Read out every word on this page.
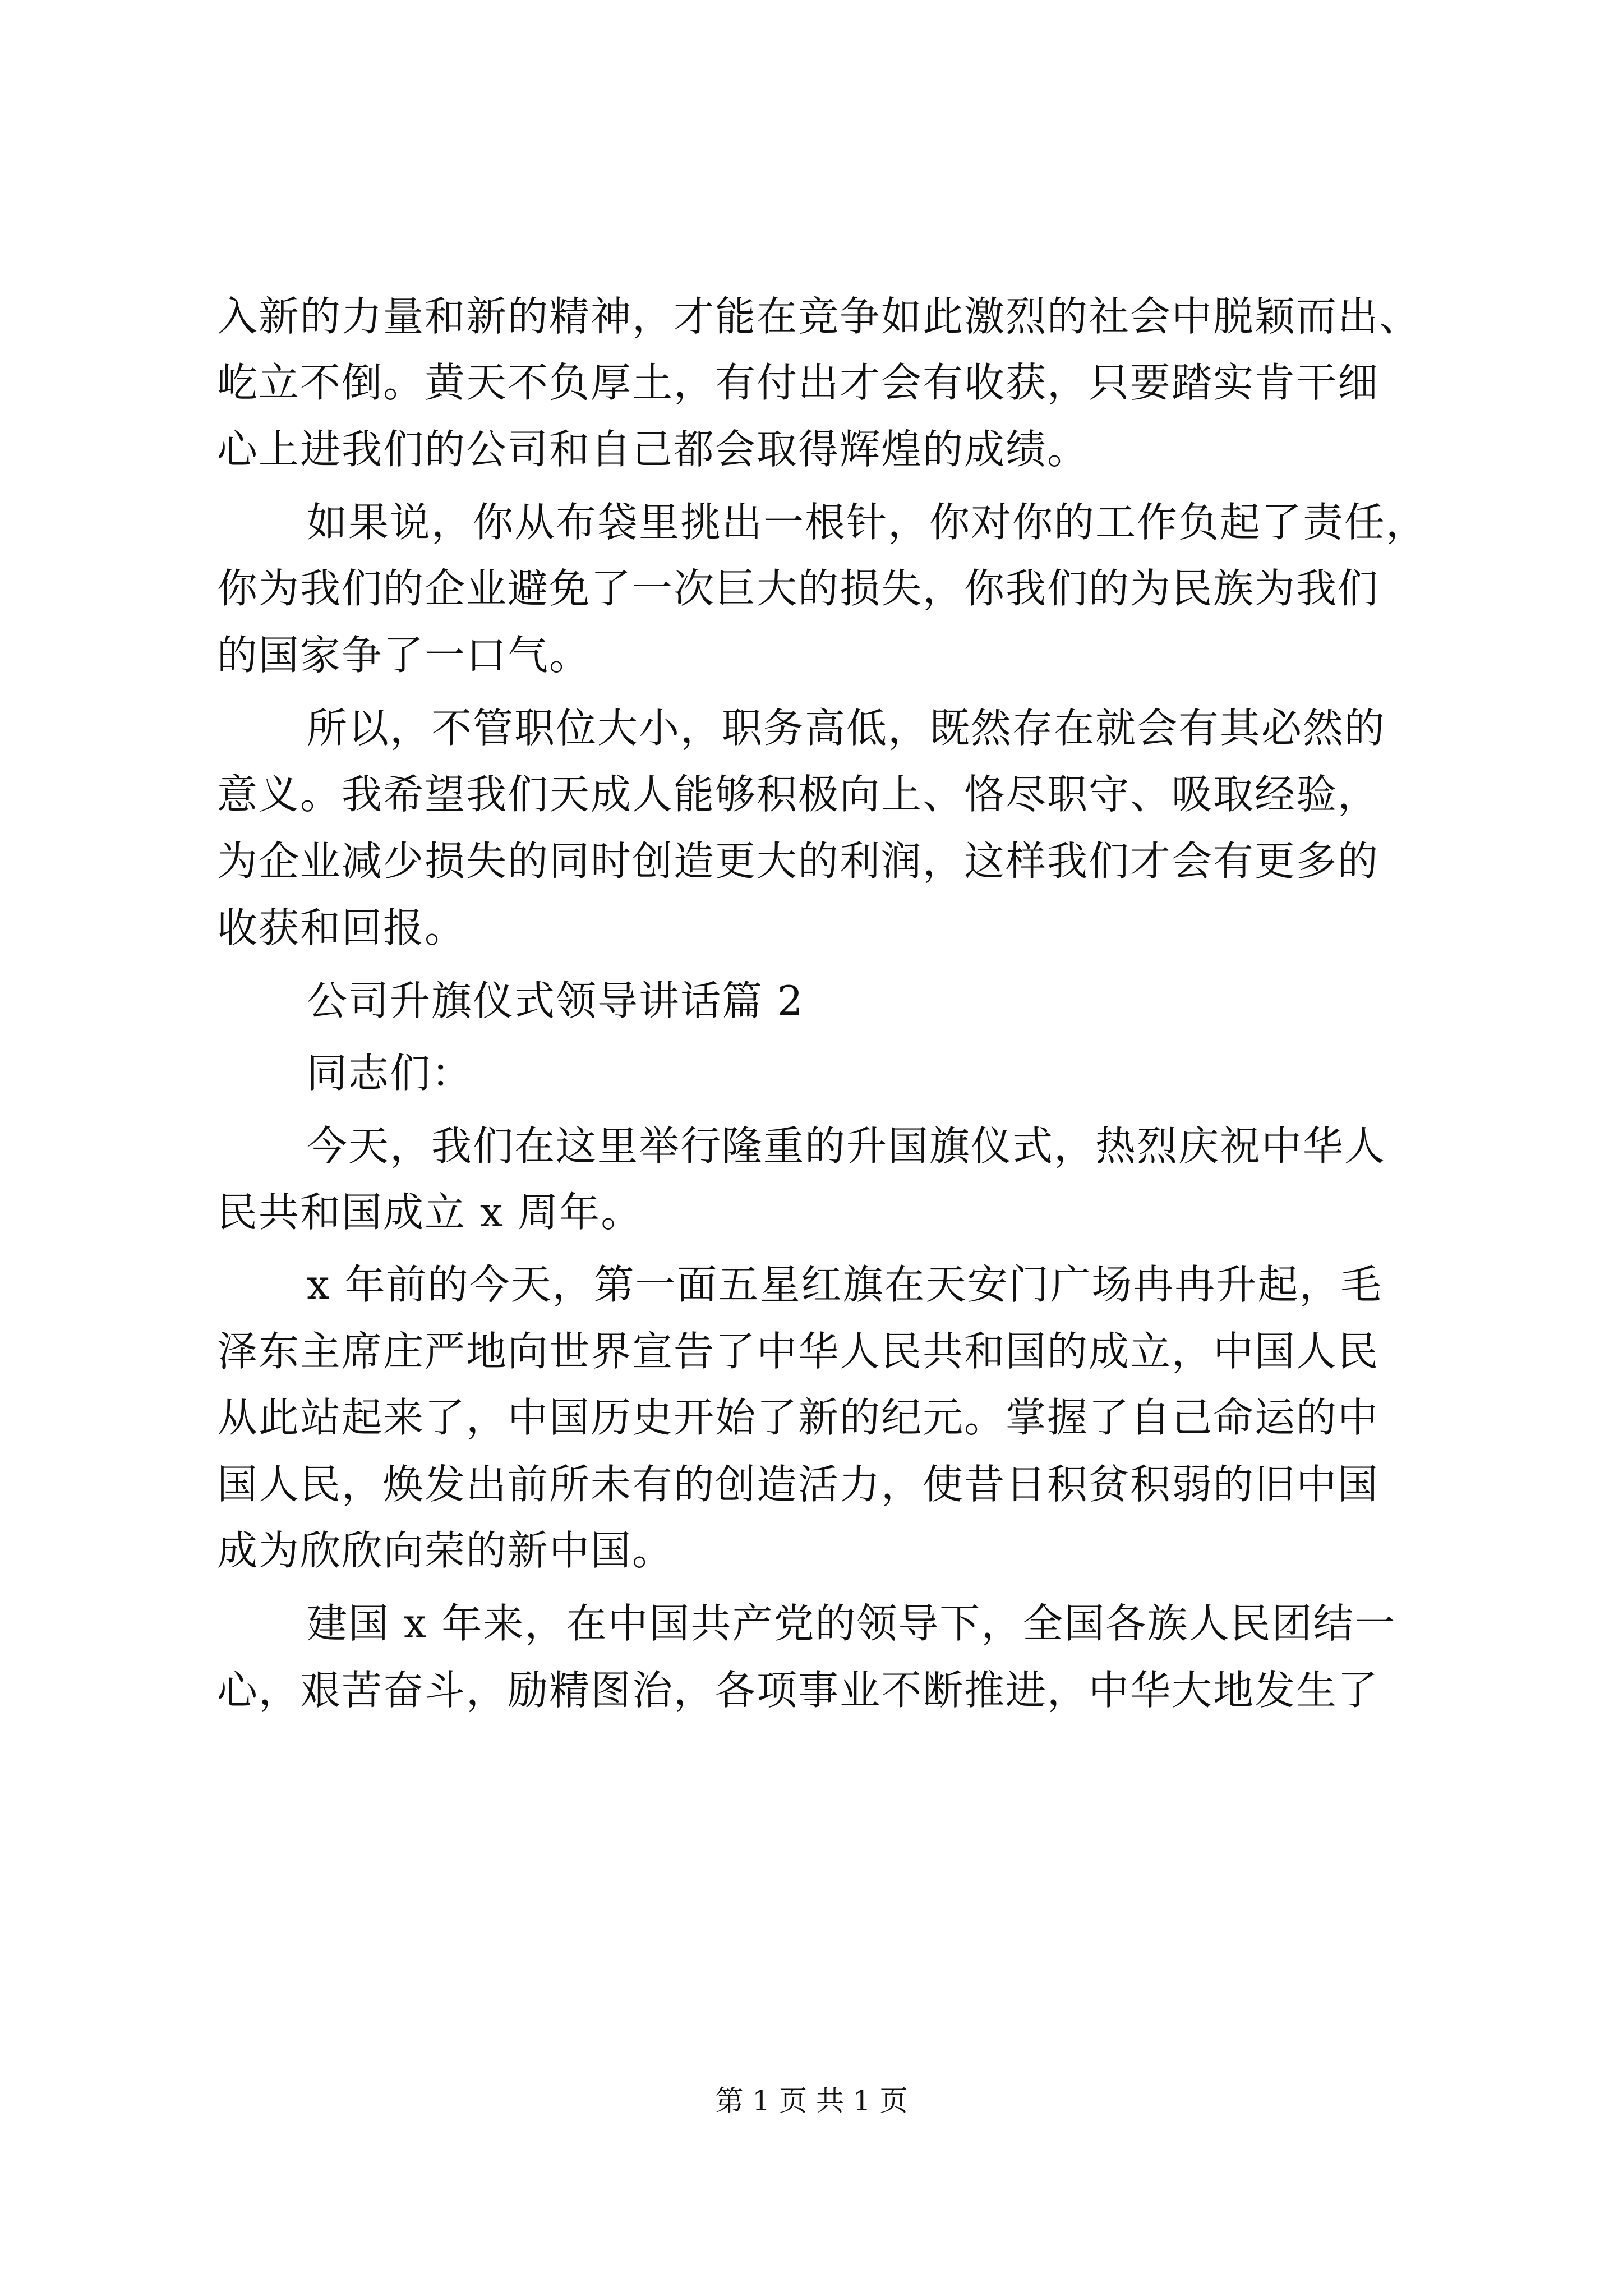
入新的力量和新的精神，才能在竞争如此激烈的社会中脱颖而出、
屹立不倒。黄天不负厚土，有付出才会有收获，只要踏实肯干细
心上进我们的公司和自己都会取得辉煌的成绩。
如果说，你从布袋里挑出一根针，你对你的工作负起了责任，
你为我们的企业避免了一次巨大的损失，你我们的为民族为我们
的国家争了一口气。
所以，不管职位大小，职务高低，既然存在就会有其必然的
意义。我希望我们天成人能够积极向上、恪尽职守、吸取经验，
为企业减少损失的同时创造更大的利润，这样我们才会有更多的
收获和回报。
公司升旗仪式领导讲话篇 2
同志们：
今天，我们在这里举行隆重的升国旗仪式，热烈庆祝中华人
民共和国成立 x 周年。
x 年前的今天，第一面五星红旗在天安门广场冉冉升起，毛
泽东主席庄严地向世界宣告了中华人民共和国的成立，中国人民
从此站起来了，中国历史开始了新的纪元。掌握了自己命运的中
国人民，焕发出前所未有的创造活力，使昔日积贫积弱的旧中国
成为欣欣向荣的新中国。
建国 x 年来，在中国共产党的领导下，全国各族人民团结一
心，艰苦奋斗，励精图治，各项事业不断推进，中华大地发生了
第 1 页 共 1 页
